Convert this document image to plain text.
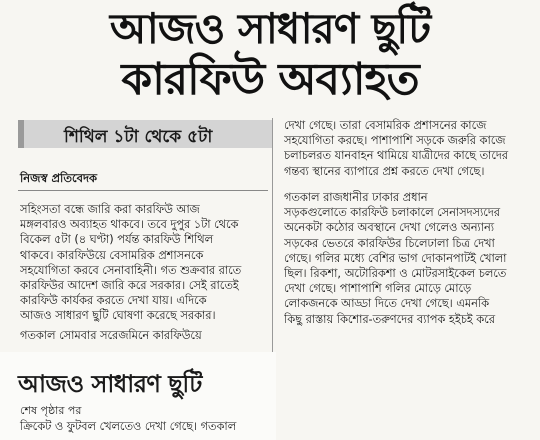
আজও সাধারণ ছুটি
কারফিউ অব্যাহত
শিথিল ১টা থেকে ৫টা
নিজস্ব প্রতিবেদক

সহিংসতা বন্ধে জারি করা কারফিউ আজ
মঙ্গলবারও অব্যাহত থাকবে। তবে দুপুর ১টা থেকে
বিকেল ৫টা (৪ ঘণ্টা) পর্যন্ত কারফিউ শিথিল
থাকবে। কারফিউয়ে বেসামরিক প্রশাসনকে
সহযোগিতা করবে সেনাবাহিনী। গত শুক্রবার রাতে
কারফিউর আদেশ জারি করে সরকার। সেই রাতেই
কারফিউ কার্যকর করতে দেখা যায়। এদিকে
আজও সাধারণ ছুটি ঘোষণা করেছে সরকার।

গতকাল সোমবার সরেজমিনে কারফিউয়ে

দেখা গেছে। তারা বেসামরিক প্রশাসনের কাজে
সহযোগিতা করছে। পাশাপাশি সড়কে জরুরি কাজে
চলাচলরত যানবাহন থামিয়ে যাত্রীদের কাছে তাদের
গন্তব্য স্থানের ব্যাপারে প্রশ্ন করতে দেখা গেছে।

গতকাল রাজধানীর ঢাকার প্রধান
সড়কগুলোতে কারফিউ চলাকালে সেনাসদস্যদের
অনেকটা কঠোর অবস্থানে দেখা গেলেও অন্যান্য
সড়কের ভেতরে কারফিউর চিলেঢালা চিত্র দেখা
গেছে। গলির মধ্যে বেশির ভাগ দোকানপাটই খোলা
ছিল। রিকশা, অটোরিকশা ও মোটরসাইকেল চলতে
দেখা গেছে। পাশাপাশি গলির মোড়ে মোড়ে
লোকজনকে আড্ডা দিতে দেখা গেছে। এমনকি
কিছু রাস্তায় কিশোর-তরুণদের ব্যাপক হইচই করে

আজও সাধারণ ছুটি
শেষ পৃষ্ঠার পর
ক্রিকেট ও ফুটবল খেলতেও দেখা গেছে। গতকাল
